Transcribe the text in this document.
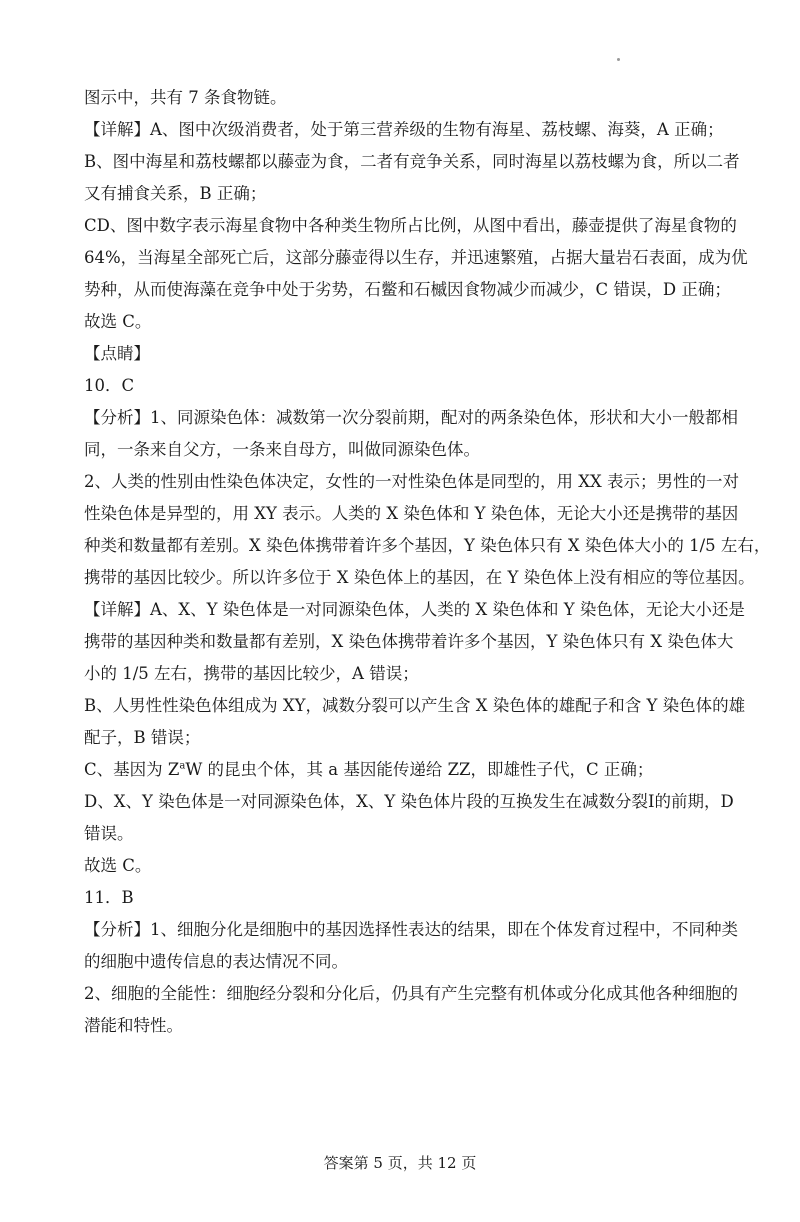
图示中，共有 7 条食物链。
【详解】A、图中次级消费者，处于第三营养级的生物有海星、荔枝螺、海葵，A 正确；
B、图中海星和荔枝螺都以藤壶为食，二者有竞争关系，同时海星以荔枝螺为食，所以二者
又有捕食关系，B 正确；
CD、图中数字表示海星食物中各种类生物所占比例，从图中看出，藤壶提供了海星食物的
64%，当海星全部死亡后，这部分藤壶得以生存，并迅速繁殖，占据大量岩石表面，成为优
势种，从而使海藻在竞争中处于劣势，石鳖和石槭因食物减少而减少，C 错误，D 正确；
故选 C。
【点睛】
10．C
【分析】1、同源染色体：减数第一次分裂前期，配对的两条染色体，形状和大小一般都相
同，一条来自父方，一条来自母方，叫做同源染色体。
2、人类的性别由性染色体决定，女性的一对性染色体是同型的，用 XX 表示；男性的一对
性染色体是异型的，用 XY 表示。人类的 X 染色体和 Y 染色体，无论大小还是携带的基因
种类和数量都有差别。X 染色体携带着许多个基因，Y 染色体只有 X 染色体大小的 1/5 左右，
携带的基因比较少。所以许多位于 X 染色体上的基因，在 Y 染色体上没有相应的等位基因。
【详解】A、X、Y 染色体是一对同源染色体，人类的 X 染色体和 Y 染色体，无论大小还是
携带的基因种类和数量都有差别，X 染色体携带着许多个基因，Y 染色体只有 X 染色体大
小的 1/5 左右，携带的基因比较少，A 错误；
B、人男性性染色体组成为 XY，减数分裂可以产生含 X 染色体的雄配子和含 Y 染色体的雄
配子，B 错误；
C、基因为 $Z^aW$ 的昆虫个体，其 a 基因能传递给 ZZ，即雄性子代，C 正确；
D、X、Y 染色体是一对同源染色体，X、Y 染色体片段的互换发生在减数分裂Ⅰ的前期，D
错误。
故选 C。
11．B
【分析】1、细胞分化是细胞中的基因选择性表达的结果，即在个体发育过程中，不同种类
的细胞中遗传信息的表达情况不同。
2、细胞的全能性：细胞经分裂和分化后，仍具有产生完整有机体或分化成其他各种细胞的
潜能和特性。
答案第 5 页，共 12 页
